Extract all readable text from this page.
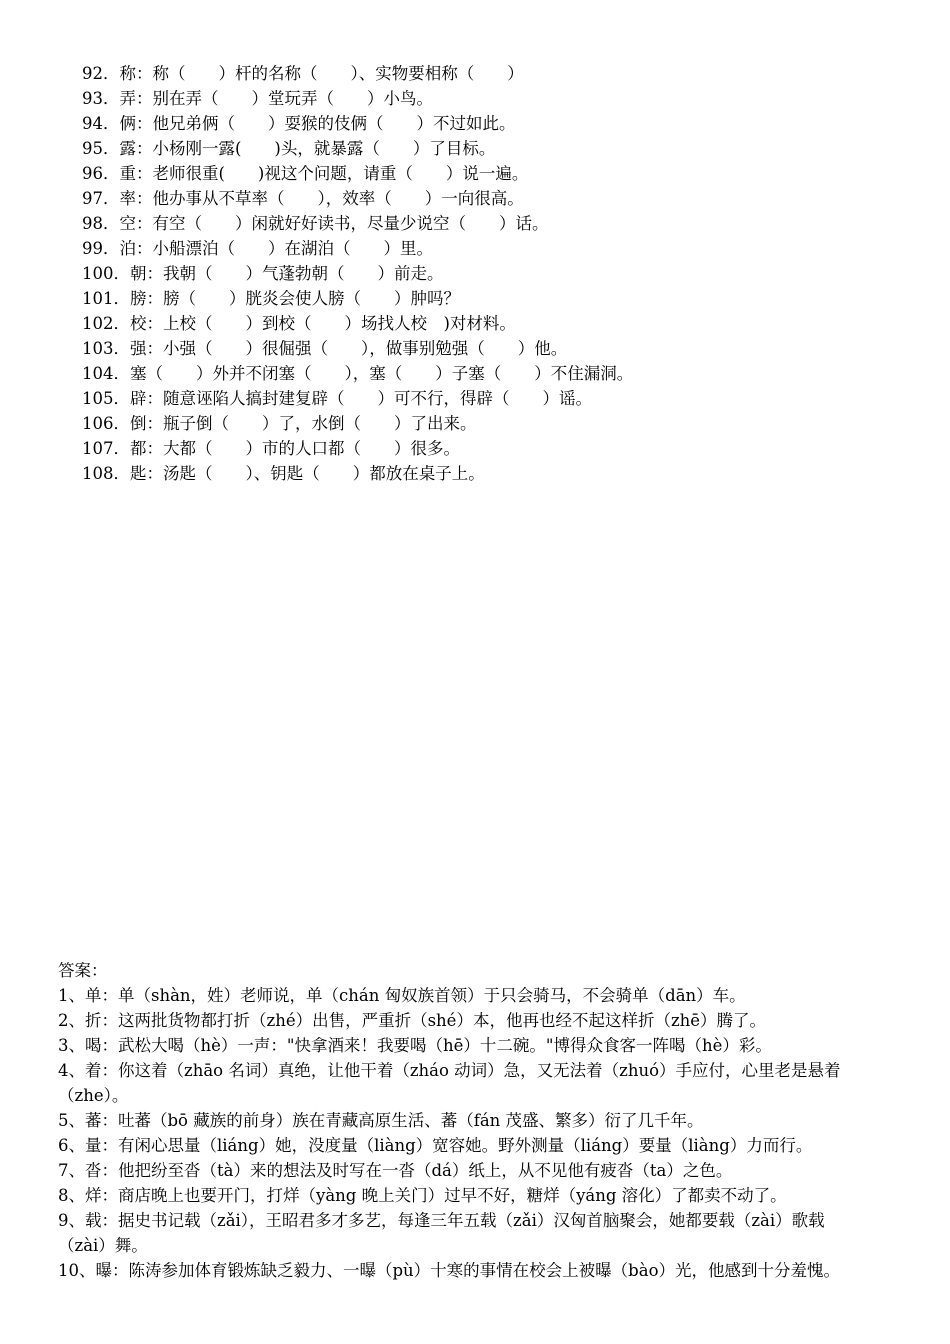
92．称：称（　　）杆的名称（　　）、实物要相称（　　）
93．弄：别在弄（　　）堂玩弄（　　）小鸟。
94．俩：他兄弟俩（　　）耍猴的伎俩（　　）不过如此。
95．露：小杨刚一露(　　)头，就暴露（　　）了目标。
96．重：老师很重(　　)视这个问题，请重（　　）说一遍。
97．率：他办事从不草率（　　），效率（　　）一向很高。
98．空：有空（　　）闲就好好读书，尽量少说空（　　）话。
99．泊：小船漂泊（　　）在湖泊（　　）里。
100．朝：我朝（　　）气蓬勃朝（　　）前走。
101．膀：膀（　　）胱炎会使人膀（　　）肿吗？
102．校：上校（　　）到校（　　）场找人校　)对材料。
103．强：小强（　　）很倔强（　　），做事别勉强（　　）他。
104．塞（　　）外并不闭塞（　　），塞（　　）子塞（　　）不住漏洞。
105．辟：随意诬陷人搞封建复辟（　　）可不行，得辟（　　）谣。
106．倒：瓶子倒（　　）了，水倒（　　）了出来。
107．都：大都（　　）市的人口都（　　）很多。
108．匙：汤匙（　　）、钥匙（　　）都放在桌子上。
答案：
1、单：单（shàn，姓）老师说，单（chán 匈奴族首领）于只会骑马，不会骑单（dān）车。
2、折：这两批货物都打折（zhé）出售，严重折（shé）本，他再也经不起这样折（zhē）腾了。
3、喝：武松大喝（hè）一声："快拿酒来！我要喝（hē）十二碗。"博得众食客一阵喝（hè）彩。
4、着：你这着（zhāo 名词）真绝，让他干着（zháo 动词）急，又无法着（zhuó）手应付，心里老是悬着
（zhe）。
5、蕃：吐蕃（bō 藏族的前身）族在青藏高原生活、蕃（fán 茂盛、繁多）衍了几千年。
6、量：有闲心思量（liáng）她，没度量（liàng）宽容她。野外测量（liáng）要量（liàng）力而行。
7、沓：他把纷至沓（tà）来的想法及时写在一沓（dá）纸上，从不见他有疲沓（ta）之色。
8、烊：商店晚上也要开门，打烊（yàng 晚上关门）过早不好，糖烊（yáng 溶化）了都卖不动了。
9、载：据史书记载（zǎi），王昭君多才多艺，每逢三年五载（zǎi）汉匈首脑聚会，她都要载（zài）歌载
（zài）舞。
10、曝：陈涛参加体育锻炼缺乏毅力、一曝（pù）十寒的事情在校会上被曝（bào）光，他感到十分羞愧。
